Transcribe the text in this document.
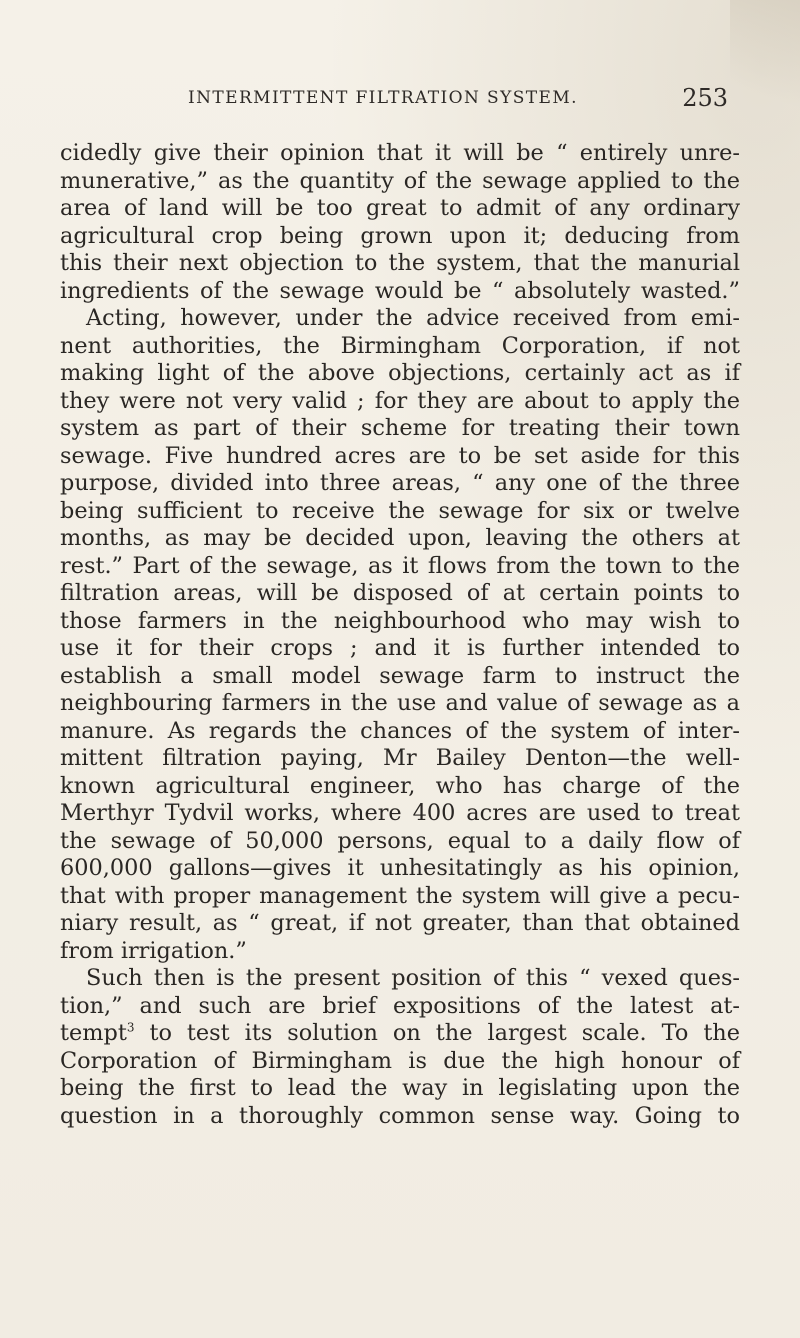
INTERMITTENT FILTRATION SYSTEM.	253
cidedly give their opinion that it will be “ entirely unre-
munerative,” as the quantity of the sewage applied to the
area of land will be too great to admit of any ordinary
agricultural crop being grown upon it; deducing from
this their next objection to the system, that the manurial
ingredients of the sewage would be “ absolutely wasted.”
Acting, however, under the advice received from emi-
nent authorities, the Birmingham Corporation, if not
making light of the above objections, certainly act as if
they were not very valid ; for they are about to apply the
system as part of their scheme for treating their town
sewage. Five hundred acres are to be set aside for this
purpose, divided into three areas, “ any one of the three
being sufficient to receive the sewage for six or twelve
months, as may be decided upon, leaving the others at
rest.” Part of the sewage, as it flows from the town to the
filtration areas, will be disposed of at certain points to
those farmers in the neighbourhood who may wish to
use it for their crops ; and it is further intended to
establish a small model sewage farm to instruct the
neighbouring farmers in the use and value of sewage as a
manure. As regards the chances of the system of inter-
mittent filtration paying, Mr Bailey Denton—the well-
known agricultural engineer, who has charge of the
Merthyr Tydvil works, where 400 acres are used to treat
the sewage of 50,000 persons, equal to a daily flow of
600,000 gallons—gives it unhesitatingly as his opinion,
that with proper management the system will give a pecu-
niary result, as “ great, if not greater, than that obtained
from irrigation.”
Such then is the present position of this “ vexed ques-
tion,” and such are brief expositions of the latest at-
tempt$^3$ to test its solution on the largest scale. To the
Corporation of Birmingham is due the high honour of
being the first to lead the way in legislating upon the
question in a thoroughly common sense way. Going to
